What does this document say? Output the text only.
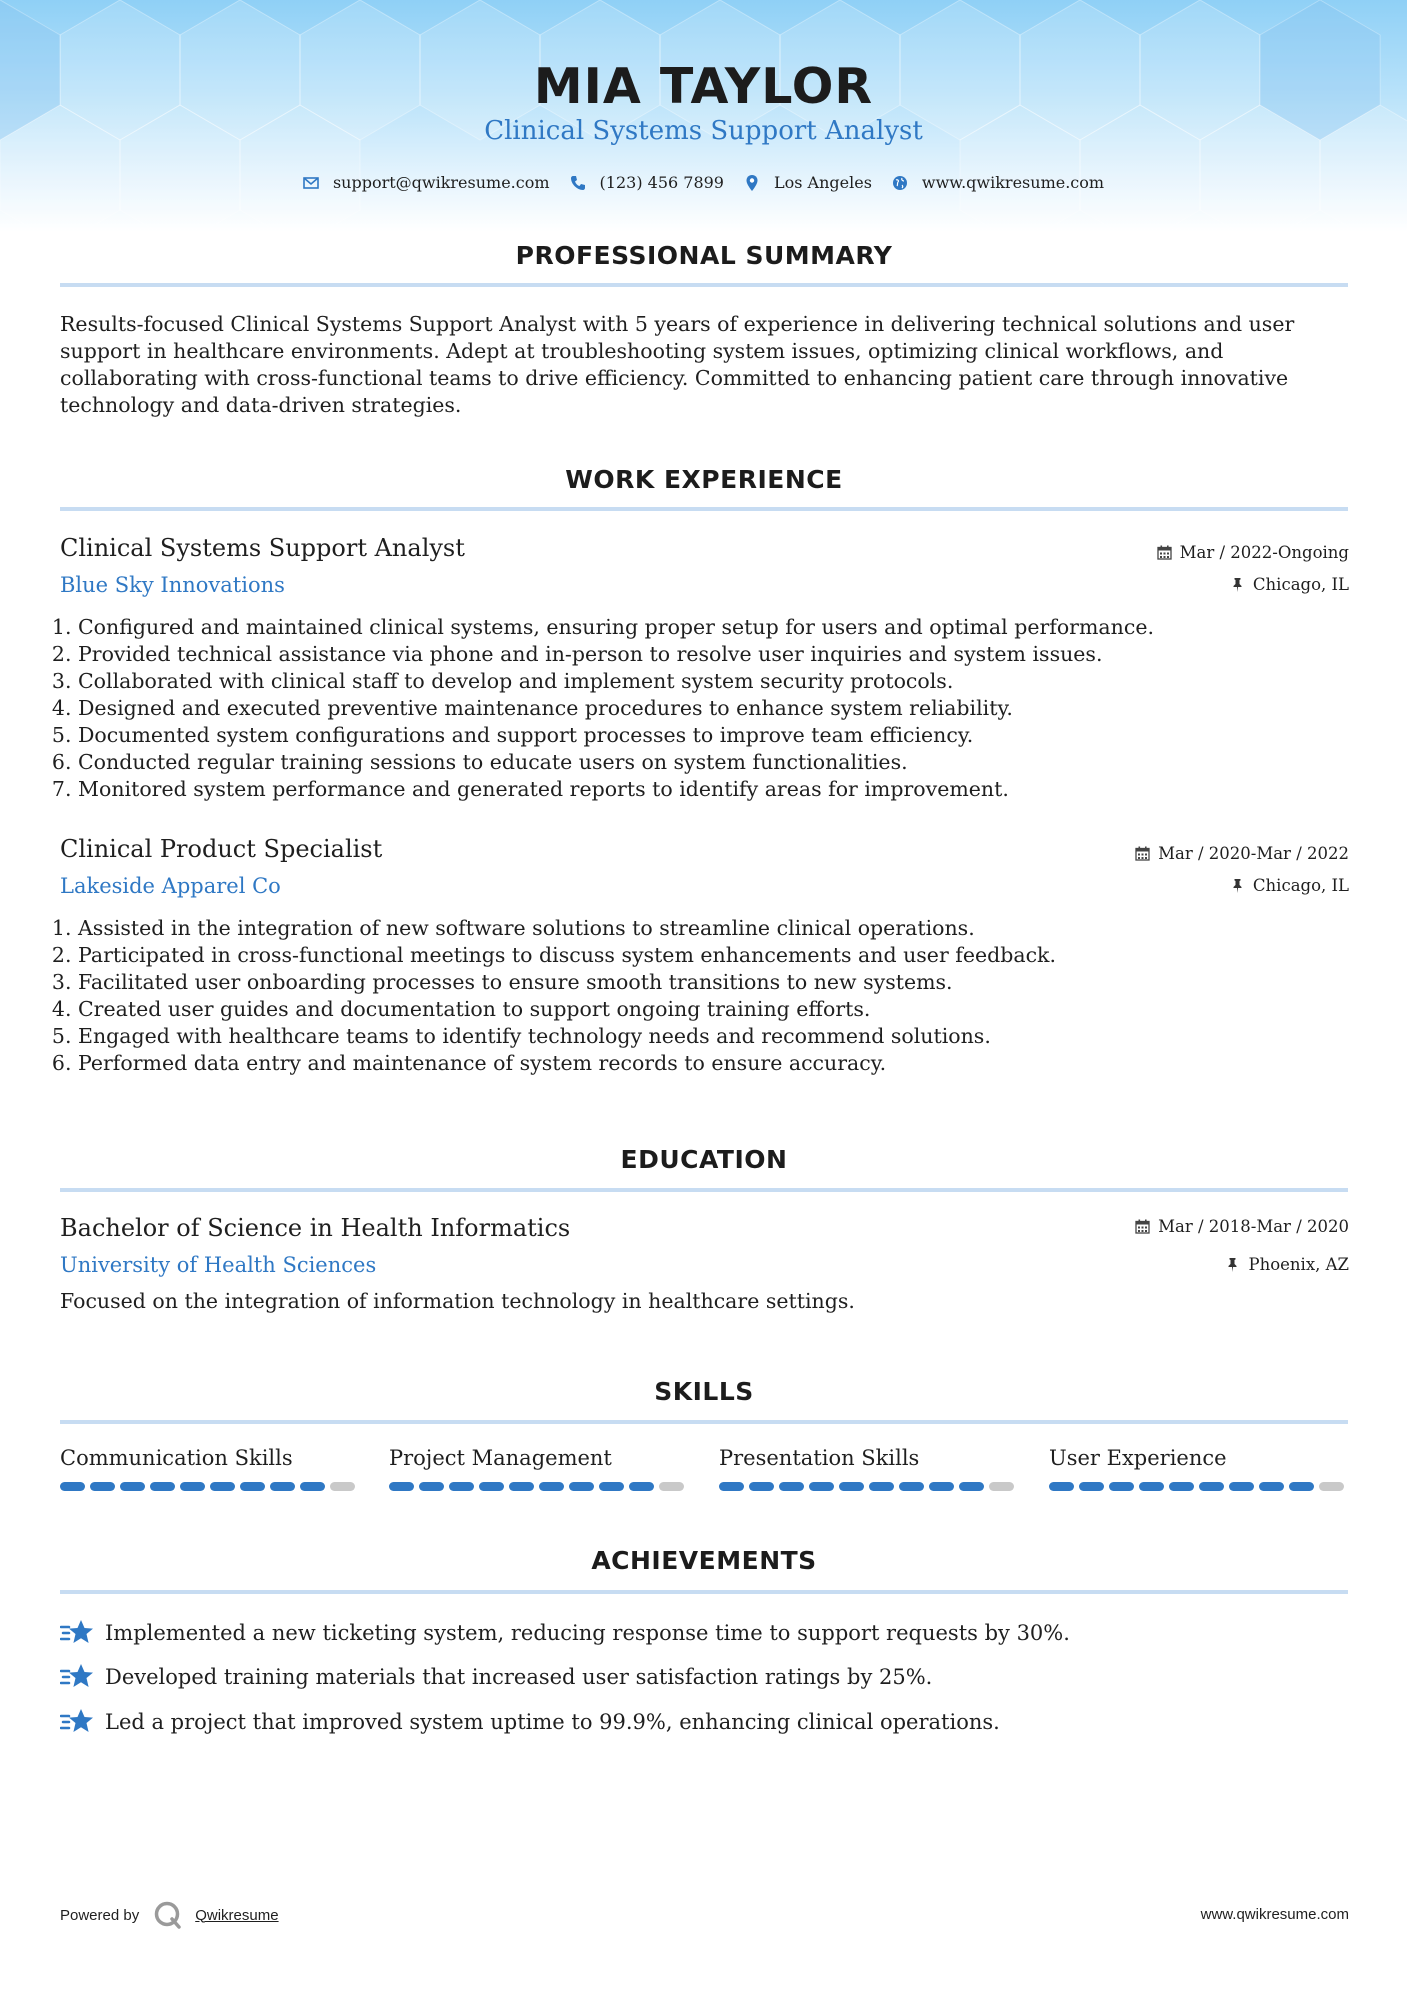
MIA TAYLOR
Clinical Systems Support Analyst
support@qwikresume.com	(123) 456 7899	Los Angeles	www.qwikresume.com
PROFESSIONAL SUMMARY
Results-focused Clinical Systems Support Analyst with 5 years of experience in delivering technical solutions and user support in healthcare environments. Adept at troubleshooting system issues, optimizing clinical workflows, and collaborating with cross-functional teams to drive efficiency. Committed to enhancing patient care through innovative technology and data-driven strategies.
WORK EXPERIENCE
Clinical Systems Support Analyst
Blue Sky Innovations
Mar / 2022-Ongoing
Chicago, IL
1. Configured and maintained clinical systems, ensuring proper setup for users and optimal performance.
2. Provided technical assistance via phone and in-person to resolve user inquiries and system issues.
3. Collaborated with clinical staff to develop and implement system security protocols.
4. Designed and executed preventive maintenance procedures to enhance system reliability.
5. Documented system configurations and support processes to improve team efficiency.
6. Conducted regular training sessions to educate users on system functionalities.
7. Monitored system performance and generated reports to identify areas for improvement.
Clinical Product Specialist
Lakeside Apparel Co
Mar / 2020-Mar / 2022
Chicago, IL
1. Assisted in the integration of new software solutions to streamline clinical operations.
2. Participated in cross-functional meetings to discuss system enhancements and user feedback.
3. Facilitated user onboarding processes to ensure smooth transitions to new systems.
4. Created user guides and documentation to support ongoing training efforts.
5. Engaged with healthcare teams to identify technology needs and recommend solutions.
6. Performed data entry and maintenance of system records to ensure accuracy.
EDUCATION
Bachelor of Science in Health Informatics
University of Health Sciences
Mar / 2018-Mar / 2020
Phoenix, AZ
Focused on the integration of information technology in healthcare settings.
SKILLS
Communication Skills	Project Management	Presentation Skills	User Experience
ACHIEVEMENTS
Implemented a new ticketing system, reducing response time to support requests by 30%.
Developed training materials that increased user satisfaction ratings by 25%.
Led a project that improved system uptime to 99.9%, enhancing clinical operations.
Powered by	Qwikresume	www.qwikresume.com
